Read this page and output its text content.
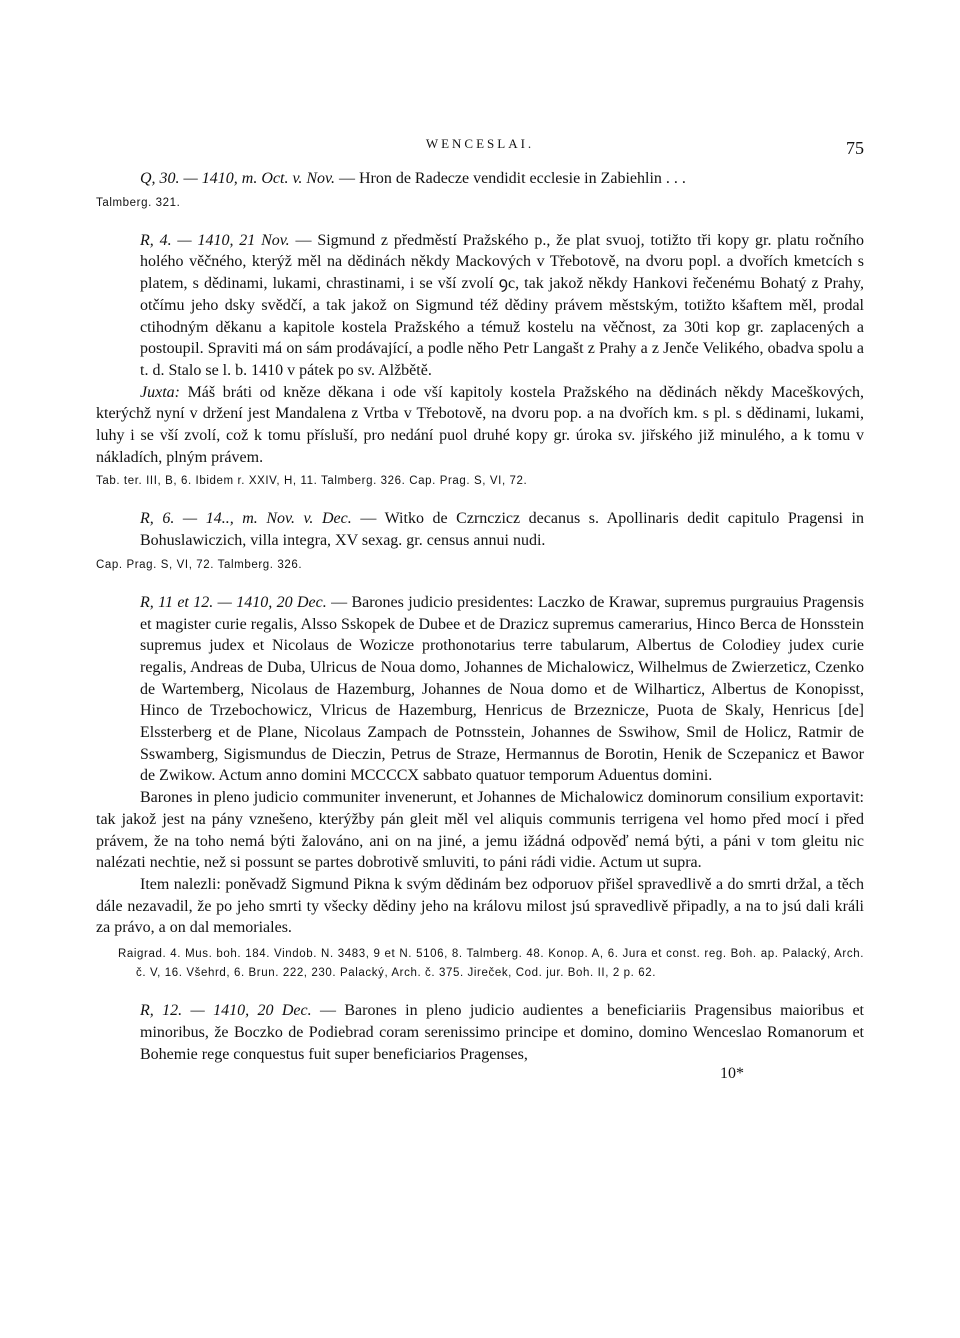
WENCESLAI.	75

Q, 30. — 1410, m. Oct. v. Nov. — Hron de Radecze vendidit ecclesie in Zabiehlin . . .

Talmberg. 321.

R, 4. — 1410, 21 Nov. — Sigmund z předměstí Pražského p., že plat svuoj, totižto tři kopy gr. platu ročního holého věčného, kterýž měl na dědinách někdy Mackových v Třebotově, na dvoru popl. a dvořích kmetcích s platem, s dědinami, lukami, chrastinami, i se vší zvolí ꝯc, tak jakož někdy Hankovi řečenému Bohatý z Prahy, otčímu jeho dsky svědčí, a tak jakož on Sigmund též dědiny právem městským, totižto kšaftem měl, prodal ctihodným děkanu a kapitole kostela Pražského a témuž kostelu na věčnost, za 30ti kop gr. zaplacených a postoupil. Spraviti má on sám prodávající, a podle něho Petr Langašt z Prahy a z Jenče Velikého, obadva spolu a t. d. Stalo se l. b. 1410 v pátek po sv. Alžbětě.

Juxta: Máš bráti od kněze děkana i ode vší kapitoly kostela Pražského na dědinách někdy Maceškových, kterýchž nyní v držení jest Mandalena z Vrtba v Třebotově, na dvoru pop. a na dvořích km. s pl. s dědinami, lukami, luhy i se vší zvolí, což k tomu přísluší, pro nedání puol druhé kopy gr. úroka sv. jiřského již minulého, a k tomu v nákladích, plným právem.

Tab. ter. III, B, 6. Ibidem r. XXIV, H, 11. Talmberg. 326. Cap. Prag. S, VI, 72.

R, 6. — 14.., m. Nov. v. Dec. — Witko de Czrnczicz decanus s. Apollinaris dedit capitulo Pragensi in Bohuslawiczich, villa integra, XV sexag. gr. census annui nudi.

Cap. Prag. S, VI, 72. Talmberg. 326.

R, 11 et 12. — 1410, 20 Dec. — Barones judicio presidentes: Laczko de Krawar, supremus purgrauius Pragensis et magister curie regalis, Alsso Sskopek de Dubee et de Drazicz supremus camerarius, Hinco Berca de Honsstein supremus judex et Nicolaus de Wozicze prothonotarius terre tabularum, Albertus de Colodiey judex curie regalis, Andreas de Duba, Ulricus de Noua domo, Johannes de Michalowicz, Wilhelmus de Zwierzeticz, Czenko de Wartemberg, Nicolaus de Hazemburg, Johannes de Noua domo et de Wilharticz, Albertus de Konopisst, Hinco de Trzebochowicz, Vlricus de Hazemburg, Henricus de Brzeznicze, Puota de Skaly, Henricus [de] Elssterberg et de Plane, Nicolaus Zampach de Potnsstein, Johannes de Sswihow, Smil de Holicz, Ratmir de Sswamberg, Sigismundus de Dieczin, Petrus de Straze, Hermannus de Borotin, Henik de Sczepanicz et Bawor de Zwikow. Actum anno domini MCCCCX sabbato quatuor temporum Aduentus domini.

Barones in pleno judicio communiter invenerunt, et Johannes de Michalowicz dominorum consilium exportavit: tak jakož jest na pány vznešeno, kterýžby pán gleit měl vel aliquis communis terrigena vel homo před mocí i před právem, že na toho nemá býti žalováno, ani on na jiné, a jemu ižádná odpověď nemá býti, a páni v tom gleitu nic nalézati nechtie, než si possunt se partes dobrotivě smluviti, to páni rádi vidie. Actum ut supra.

Item nalezli: poněvadž Sigmund Pikna k svým dědinám bez odporuov přišel spravedlivě a do smrti držal, a těch dále nezavadil, že po jeho smrti ty všecky dědiny jeho na královu milost jsú spravedlivě připadly, a na to jsú dali králi za právo, a on dal memoriales.

Raigrad. 4. Mus. boh. 184. Vindob. N. 3483, 9 et N. 5106, 8. Talmberg. 48. Konop. A, 6. Jura et const. reg. Boh. ap. Palacký, Arch. č. V, 16. Všehrd, 6. Brun. 222, 230. Palacký, Arch. č. 375. Jireček, Cod. jur. Boh. II, 2 p. 62.

R, 12. — 1410, 20 Dec. — Barones in pleno judicio audientes a beneficiariis Pragensibus maioribus et minoribus, že Boczko de Podiebrad coram serenissimo principe et domino, domino Wenceslao Romanorum et Bohemie rege conquestus fuit super beneficiarios Pragenses,

10*
